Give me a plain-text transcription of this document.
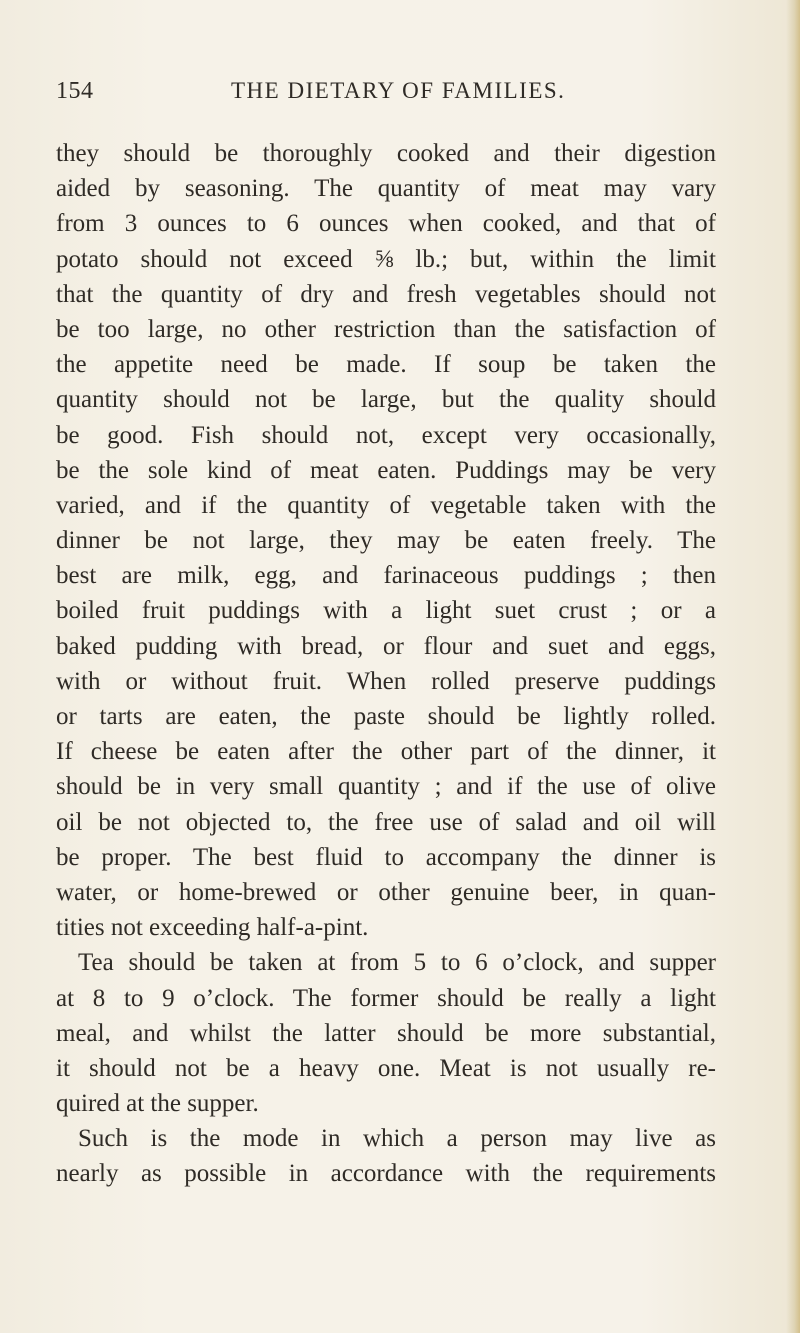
154	THE DIETARY OF FAMILIES.
they should be thoroughly cooked and their digestion
aided by seasoning. The quantity of meat may vary
from 3 ounces to 6 ounces when cooked, and that of
potato should not exceed ⅝ lb.; but, within the limit
that the quantity of dry and fresh vegetables should not
be too large, no other restriction than the satisfaction of
the appetite need be made. If soup be taken the
quantity should not be large, but the quality should
be good. Fish should not, except very occasionally,
be the sole kind of meat eaten. Puddings may be very
varied, and if the quantity of vegetable taken with the
dinner be not large, they may be eaten freely. The
best are milk, egg, and farinaceous puddings ; then
boiled fruit puddings with a light suet crust ; or a
baked pudding with bread, or flour and suet and eggs,
with or without fruit. When rolled preserve puddings
or tarts are eaten, the paste should be lightly rolled.
If cheese be eaten after the other part of the dinner, it
should be in very small quantity ; and if the use of olive
oil be not objected to, the free use of salad and oil will
be proper. The best fluid to accompany the dinner is
water, or home-brewed or other genuine beer, in quan-
tities not exceeding half-a-pint.
Tea should be taken at from 5 to 6 o’clock, and supper
at 8 to 9 o’clock. The former should be really a light
meal, and whilst the latter should be more substantial,
it should not be a heavy one. Meat is not usually re-
quired at the supper.
Such is the mode in which a person may live as
nearly as possible in accordance with the requirements
